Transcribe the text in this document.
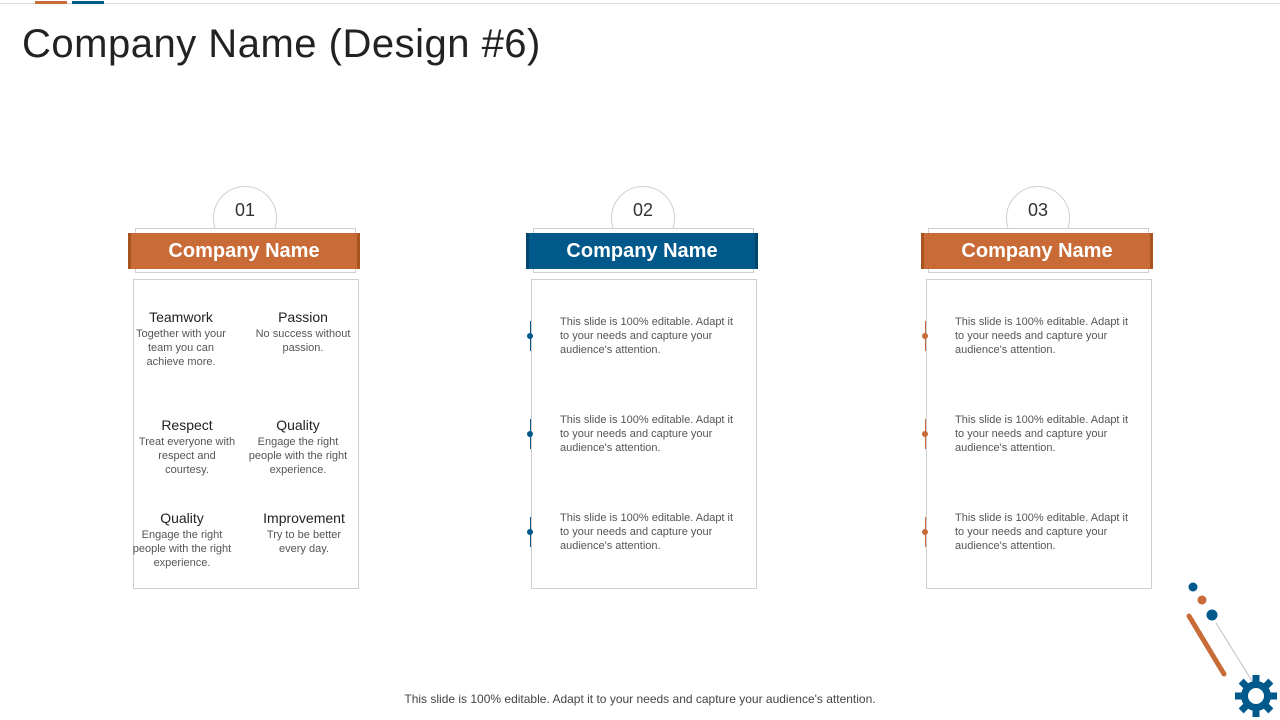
Company Name (Design #6)
01
Company Name
Teamwork
Together with your team you can achieve more.
Passion
No success without passion.
Respect
Treat everyone with respect and courtesy.
Quality
Engage the right people with the right experience.
Quality
Engage the right people with the right experience.
Improvement
Try to be better every day.
02
Company Name
This slide is 100% editable. Adapt it to your needs and capture your audience's attention.
This slide is 100% editable. Adapt it to your needs and capture your audience's attention.
This slide is 100% editable. Adapt it to your needs and capture your audience's attention.
03
Company Name
This slide is 100% editable. Adapt it to your needs and capture your audience's attention.
This slide is 100% editable. Adapt it to your needs and capture your audience's attention.
This slide is 100% editable. Adapt it to your needs and capture your audience's attention.
This slide is 100% editable. Adapt it to your needs and capture your audience's attention.
